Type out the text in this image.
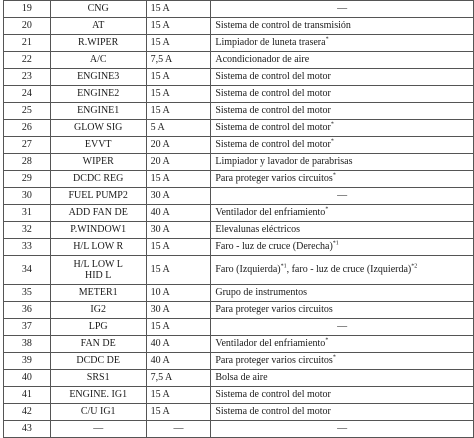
19	CNG	15 A	—

20	AT	15 A	Sistema de control de transmisión
21	R.WIPER	15 A	Limpiador de luneta trasera*
22	A/C	7,5 A	Acondicionador de aire
23	ENGINE3	15 A	Sistema de control del motor
24	ENGINE2	15 A	Sistema de control del motor
25	ENGINE1	15 A	Sistema de control del motor
26	GLOW SIG	5 A	Sistema de control del motor*
27	EVVT	20 A	Sistema de control del motor*
28	WIPER	20 A	Limpiador y lavador de parabrisas
29	DCDC REG	15 A	Para proteger varios circuitos*
30	FUEL PUMP2	30 A	—

31	ADD FAN DE	40 A	Ventilador del enfriamiento*
32	P.WINDOW1	30 A	Elevalunas eléctricos
33	H/L LOW R	15 A	Faro - luz de cruce (Derecha)$^{*1}$
34	H/L LOW L
HID L	15 A	Faro (Izquierda)$^{*1}$, faro - luz de cruce (Izquierda)$^{*2}$
35	METER1	10 A	Grupo de instrumentos
36	IG2	30 A	Para proteger varios circuitos
37	LPG	15 A	—

38	FAN DE	40 A	Ventilador del enfriamiento*
39	DCDC DE	40 A	Para proteger varios circuitos*
40	SRS1	7,5 A	Bolsa de aire
41	ENGINE. IG1	15 A	Sistema de control del motor
42	C/U IG1	15 A	Sistema de control del motor
43	—	—	—
